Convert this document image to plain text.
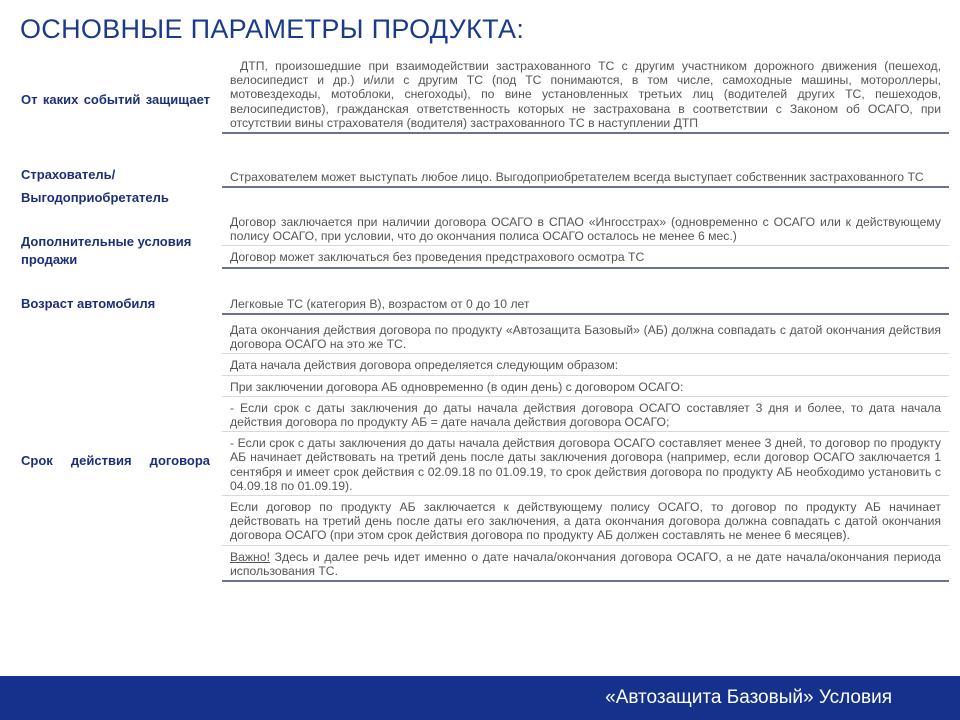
ОСНОВНЫЕ ПАРАМЕТРЫ ПРОДУКТА:
От каких событий защищает
ДТП, произошедшие при взаимодействии застрахованного ТС с другим участником дорожного движения (пешеход, велосипедист и др.) и/или с другим ТС (под ТС понимаются, в том числе, самоходные машины, мотороллеры, мотовездеходы, мотоблоки, снегоходы), по вине установленных третьих лиц (водителей других ТС, пешеходов, велосипедистов), гражданская ответственность которых не застрахована в соответствии с Законом об ОСАГО, при отсутствии вины страхователя (водителя) застрахованного ТС в наступлении ДТП
Страхователь/
Выгодоприобретатель
Страхователем может выступать любое лицо. Выгодоприобретателем всегда выступает собственник застрахованного ТС
Дополнительные условия продажи
Договор заключается при наличии договора ОСАГО в СПАО «Ингосстрах» (одновременно с ОСАГО или к действующему полису ОСАГО, при условии, что до окончания полиса ОСАГО осталось не менее 6 мес.)
Договор может заключаться без проведения предстрахового осмотра ТС
Возраст автомобиля	Легковые ТС (категория В), возрастом от 0 до 10 лет
Срок действия договора
Дата окончания действия договора по продукту «Автозащита Базовый» (АБ) должна совпадать с датой окончания действия договора ОСАГО на это же ТС.
Дата начала действия договора определяется следующим образом:
При заключении договора АБ одновременно (в один день) с договором ОСАГО:
- Если срок с даты заключения до даты начала действия договора ОСАГО составляет 3 дня и более, то дата начала действия договора по продукту АБ = дате начала действия договора ОСАГО;
- Если срок с даты заключения до даты начала действия договора ОСАГО составляет менее 3 дней, то договор по продукту АБ начинает действовать на третий день после даты заключения договора (например, если договор ОСАГО заключается 1 сентября и имеет срок действия с 02.09.18 по 01.09.19, то срок действия договора по продукту АБ необходимо установить с 04.09.18 по 01.09.19).
Если договор по продукту АБ заключается к действующему полису ОСАГО, то договор по продукту АБ начинает действовать на третий день после даты его заключения, а дата окончания договора должна совпадать с датой окончания договора ОСАГО (при этом срок действия договора по продукту АБ должен составлять не менее 6 месяцев).
Важно! Здесь и далее речь идет именно о дате начала/окончания договора ОСАГО, а не дате начала/окончания периода использования ТС.
«Автозащита Базовый» Условия
